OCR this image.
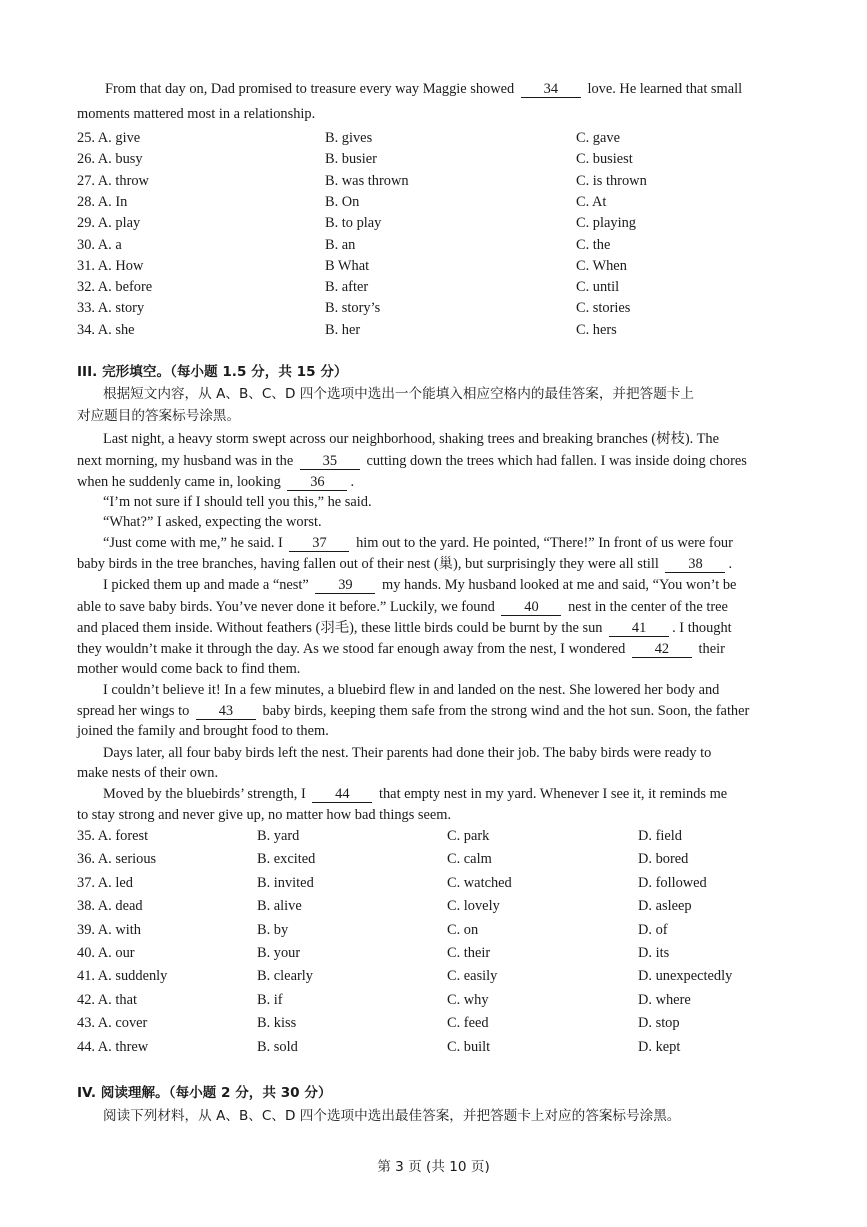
From that day on, Dad promised to treasure every way Maggie showed 34 love. He learned that small
moments mattered most in a relationship.
25. A. give	B. gives	C. gave
26. A. busy	B. busier	C. busiest
27. A. throw	B. was thrown	C. is thrown
28. A. In	B. On	C. At
29. A. play	B. to play	C. playing
30. A. a	B. an	C. the
31. A. How	B What	C. When
32. A. before	B. after	C. until
33. A. story	B. story’s	C. stories
34. A. she	B. her	C. hers
III. 完形填空。（每小题 1.5 分，共 15 分）
根据短文内容，从 A、B、C、D 四个选项中选出一个能填入相应空格内的最佳答案，并把答题卡上
对应题目的答案标号涂黑。
Last night, a heavy storm swept across our neighborhood, shaking trees and breaking branches (树枝). The
next morning, my husband was in the 35 cutting down the trees which had fallen. I was inside doing chores
when he suddenly came in, looking 36 .
“I’m not sure if I should tell you this,” he said.
“What?” I asked, expecting the worst.
“Just come with me,” he said. I 37 him out to the yard. He pointed, “There!” In front of us were four
baby birds in the tree branches, having fallen out of their nest (巢), but surprisingly they were all still 38 .
I picked them up and made a “nest” 39 my hands. My husband looked at me and said, “You won’t be
able to save baby birds. You’ve never done it before.” Luckily, we found 40 nest in the center of the tree
and placed them inside. Without feathers (羽毛), these little birds could be burnt by the sun 41 . I thought
they wouldn’t make it through the day. As we stood far enough away from the nest, I wondered 42 their
mother would come back to find them.
I couldn’t believe it! In a few minutes, a bluebird flew in and landed on the nest. She lowered her body and
spread her wings to 43 baby birds, keeping them safe from the strong wind and the hot sun. Soon, the father
joined the family and brought food to them.
Days later, all four baby birds left the nest. Their parents had done their job. The baby birds were ready to
make nests of their own.
Moved by the bluebirds’ strength, I 44 that empty nest in my yard. Whenever I see it, it reminds me
to stay strong and never give up, no matter how bad things seem.
35. A. forest	B. yard	C. park	D. field
36. A. serious	B. excited	C. calm	D. bored
37. A. led	B. invited	C. watched	D. followed
38. A. dead	B. alive	C. lovely	D. asleep
39. A. with	B. by	C. on	D. of
40. A. our	B. your	C. their	D. its
41. A. suddenly	B. clearly	C. easily	D. unexpectedly
42. A. that	B. if	C. why	D. where
43. A. cover	B. kiss	C. feed	D. stop
44. A. threw	B. sold	C. built	D. kept
IV. 阅读理解。（每小题 2 分，共 30 分）
阅读下列材料，从 A、B、C、D 四个选项中选出最佳答案，并把答题卡上对应的答案标号涂黑。
第 3 页 (共 10 页)
